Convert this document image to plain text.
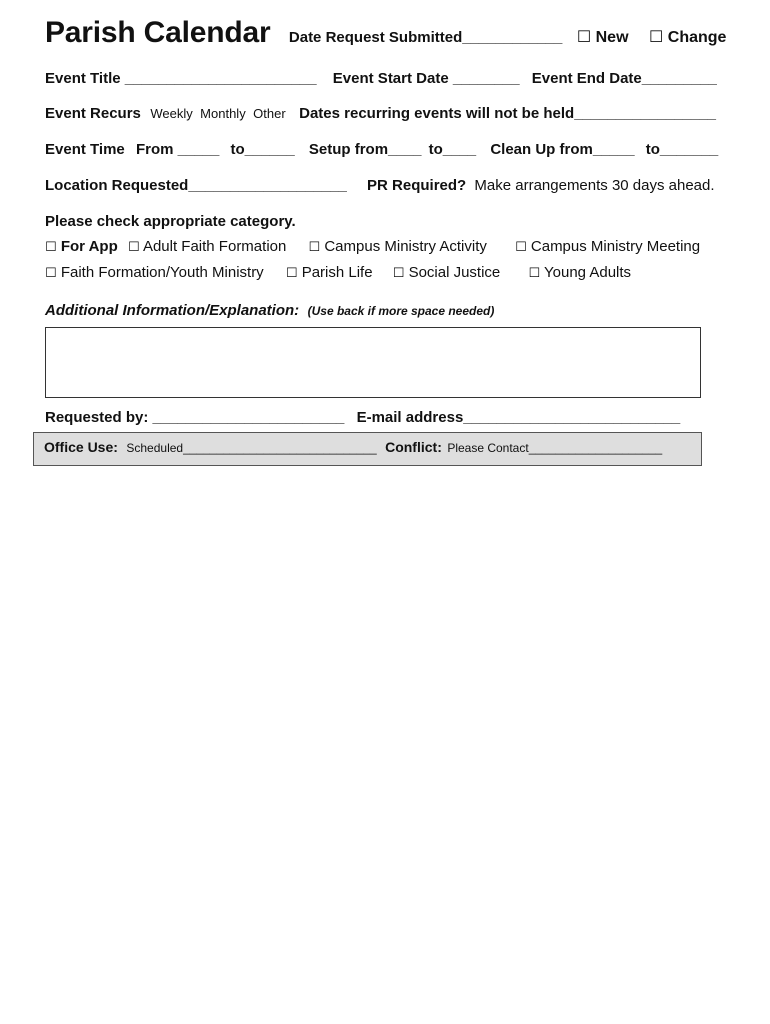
Parish Calendar Date Request Submitted____________ ☐ New ☐ Change
Event Title _______________________ Event Start Date ________ Event End Date_________
Event Recurs Weekly Monthly Other Dates recurring events will not be held_________________
Event Time From _____ to______ Setup from____ to____ Clean Up from_____ to_______
Location Requested___________________ PR Required? Make arrangements 30 days ahead.
Please check appropriate category.
☐ For App ☐ Adult Faith Formation ☐ Campus Ministry Activity ☐ Campus Ministry Meeting
☐ Faith Formation/Youth Ministry ☐ Parish Life ☐ Social Justice ☐ Young Adults
Additional Information/Explanation: (Use back if more space needed)
Requested by: _______________________ E-mail address__________________________
Office Use: Scheduled_____________________________ Conflict: Please Contact____________________
